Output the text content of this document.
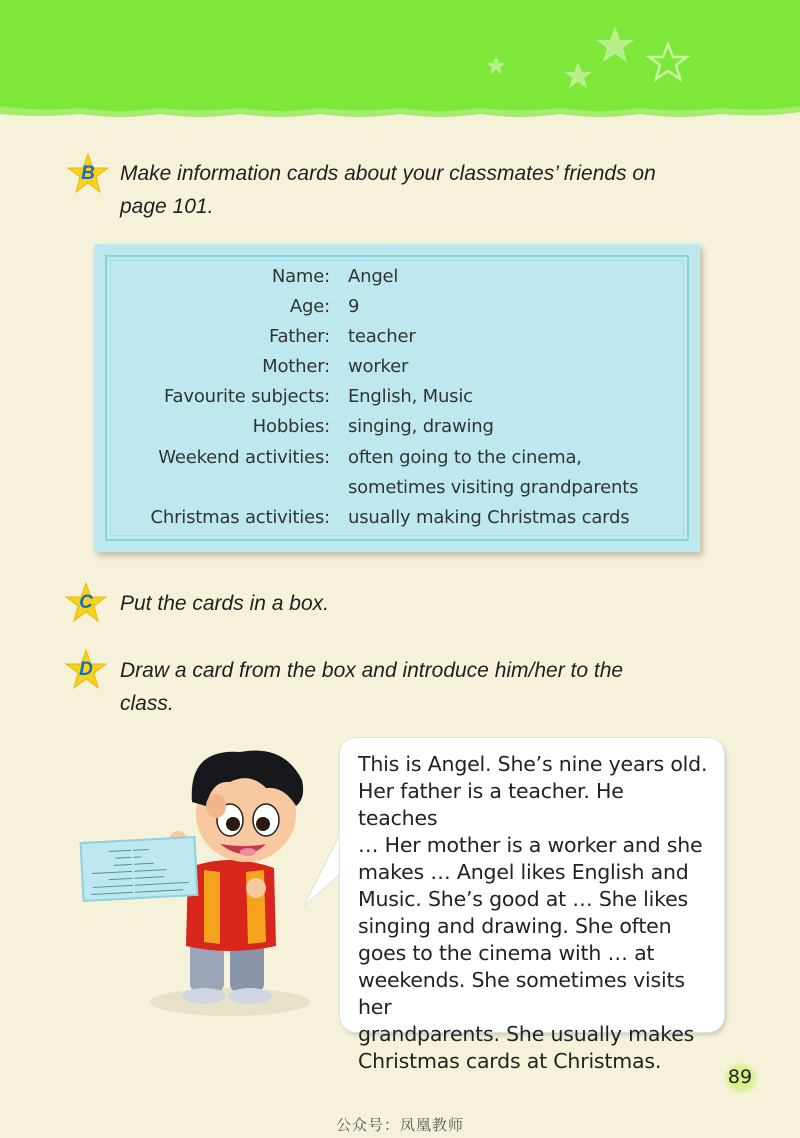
B	Make information cards about your classmates’ friends on
page 101.
Name: Angel
Age: 9
Father: teacher
Mother: worker
Favourite subjects: English, Music
Hobbies: singing, drawing
Weekend activities: often going to the cinema,
sometimes visiting grandparents
Christmas activities: usually making Christmas cards
C	Put the cards in a box.
D	Draw a card from the box and introduce him/her to the
class.
This is Angel. She’s nine years old.
Her father is a teacher. He teaches
… Her mother is a worker and she
makes … Angel likes English and
Music. She’s good at … She likes
singing and drawing. She often
goes to the cinema with … at
weekends. She sometimes visits her
grandparents. She usually makes
Christmas cards at Christmas.
89
公众号：凤凰教师
